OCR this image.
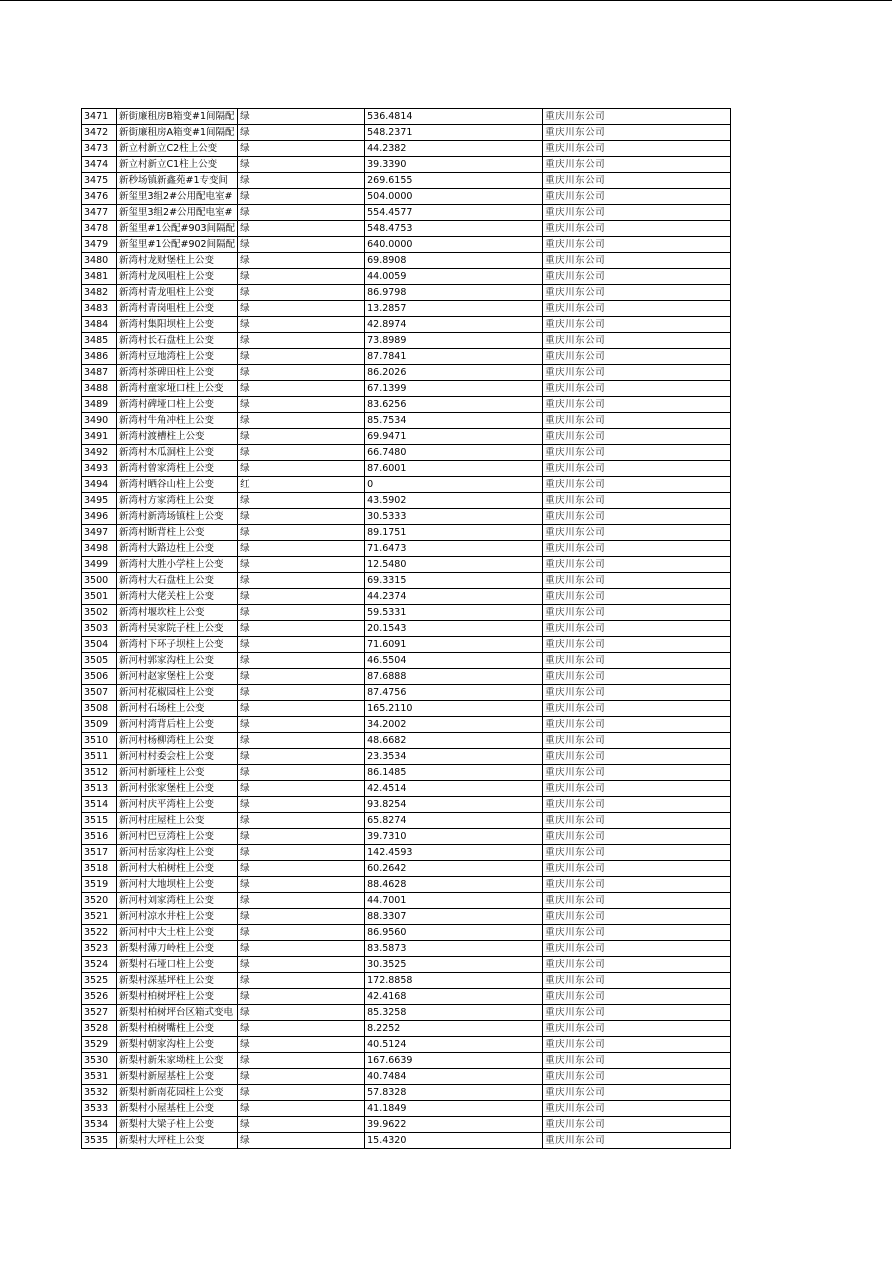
3471	新街廉租房B箱变#1间隔配	绿	536.4814	重庆川东公司
3472	新街廉租房A箱变#1间隔配	绿	548.2371	重庆川东公司
3473	新立村新立C2柱上公变	绿	44.2382	重庆川东公司
3474	新立村新立C1柱上公变	绿	39.3390	重庆川东公司
3475	新秒场镇新鑫苑#1专变间	绿	269.6155	重庆川东公司
3476	新玺里3组2#公用配电室#	绿	504.0000	重庆川东公司
3477	新玺里3组2#公用配电室#	绿	554.4577	重庆川东公司
3478	新玺里#1公配#903间隔配	绿	548.4753	重庆川东公司
3479	新玺里#1公配#902间隔配	绿	640.0000	重庆川东公司
3480	新湾村龙财堡柱上公变	绿	69.8908	重庆川东公司
3481	新湾村龙凤咀柱上公变	绿	44.0059	重庆川东公司
3482	新湾村青龙咀柱上公变	绿	86.9798	重庆川东公司
3483	新湾村青岗咀柱上公变	绿	13.2857	重庆川东公司
3484	新湾村集阳坝柱上公变	绿	42.8974	重庆川东公司
3485	新湾村长石盘柱上公变	绿	73.8989	重庆川东公司
3486	新湾村豆地湾柱上公变	绿	87.7841	重庆川东公司
3487	新湾村茶碑田柱上公变	绿	86.2026	重庆川东公司
3488	新湾村童家垭口柱上公变	绿	67.1399	重庆川东公司
3489	新湾村碑垭口柱上公变	绿	83.6256	重庆川东公司
3490	新湾村牛角冲柱上公变	绿	85.7534	重庆川东公司
3491	新湾村渡槽柱上公变	绿	69.9471	重庆川东公司
3492	新湾村木瓜洞柱上公变	绿	66.7480	重庆川东公司
3493	新湾村曾家湾柱上公变	绿	87.6001	重庆川东公司
3494	新湾村晒谷山柱上公变	红	0	重庆川东公司
3495	新湾村方家湾柱上公变	绿	43.5902	重庆川东公司
3496	新湾村新湾场镇柱上公变	绿	30.5333	重庆川东公司
3497	新湾村断背柱上公变	绿	89.1751	重庆川东公司
3498	新湾村大路边柱上公变	绿	71.6473	重庆川东公司
3499	新湾村大胜小学柱上公变	绿	12.5480	重庆川东公司
3500	新湾村大石盘柱上公变	绿	69.3315	重庆川东公司
3501	新湾村大佬关柱上公变	绿	44.2374	重庆川东公司
3502	新湾村堰坎柱上公变	绿	59.5331	重庆川东公司
3503	新湾村吴家院子柱上公变	绿	20.1543	重庆川东公司
3504	新湾村下环子坝柱上公变	绿	71.6091	重庆川东公司
3505	新河村郭家沟柱上公变	绿	46.5504	重庆川东公司
3506	新河村赵家堡柱上公变	绿	87.6888	重庆川东公司
3507	新河村花椒园柱上公变	绿	87.4756	重庆川东公司
3508	新河村石场柱上公变	绿	165.2110	重庆川东公司
3509	新河村湾背后柱上公变	绿	34.2002	重庆川东公司
3510	新河村杨柳湾柱上公变	绿	48.6682	重庆川东公司
3511	新河村村委会柱上公变	绿	23.3534	重庆川东公司
3512	新河村新垭柱上公变	绿	86.1485	重庆川东公司
3513	新河村张家堡柱上公变	绿	42.4514	重庆川东公司
3514	新河村庆平湾柱上公变	绿	93.8254	重庆川东公司
3515	新河村庄屋柱上公变	绿	65.8274	重庆川东公司
3516	新河村巴豆湾柱上公变	绿	39.7310	重庆川东公司
3517	新河村岳家沟柱上公变	绿	142.4593	重庆川东公司
3518	新河村大柏树柱上公变	绿	60.2642	重庆川东公司
3519	新河村大地坝柱上公变	绿	88.4628	重庆川东公司
3520	新河村刘家湾柱上公变	绿	44.7001	重庆川东公司
3521	新河村凉水井柱上公变	绿	88.3307	重庆川东公司
3522	新河村中大土柱上公变	绿	86.9560	重庆川东公司
3523	新梨村薄刀岭柱上公变	绿	83.5873	重庆川东公司
3524	新梨村石垭口柱上公变	绿	30.3525	重庆川东公司
3525	新梨村深基坪柱上公变	绿	172.8858	重庆川东公司
3526	新梨村柏树坪柱上公变	绿	42.4168	重庆川东公司
3527	新梨村柏树坪台区箱式变电	绿	85.3258	重庆川东公司
3528	新梨村柏树嘴柱上公变	绿	8.2252	重庆川东公司
3529	新梨村朝家沟柱上公变	绿	40.5124	重庆川东公司
3530	新梨村新朱家坳柱上公变	绿	167.6639	重庆川东公司
3531	新梨村新屋基柱上公变	绿	40.7484	重庆川东公司
3532	新梨村新南花园柱上公变	绿	57.8328	重庆川东公司
3533	新梨村小屋基柱上公变	绿	41.1849	重庆川东公司
3534	新梨村大梁子柱上公变	绿	39.9622	重庆川东公司
3535	新梨村大坪柱上公变	绿	15.4320	重庆川东公司
